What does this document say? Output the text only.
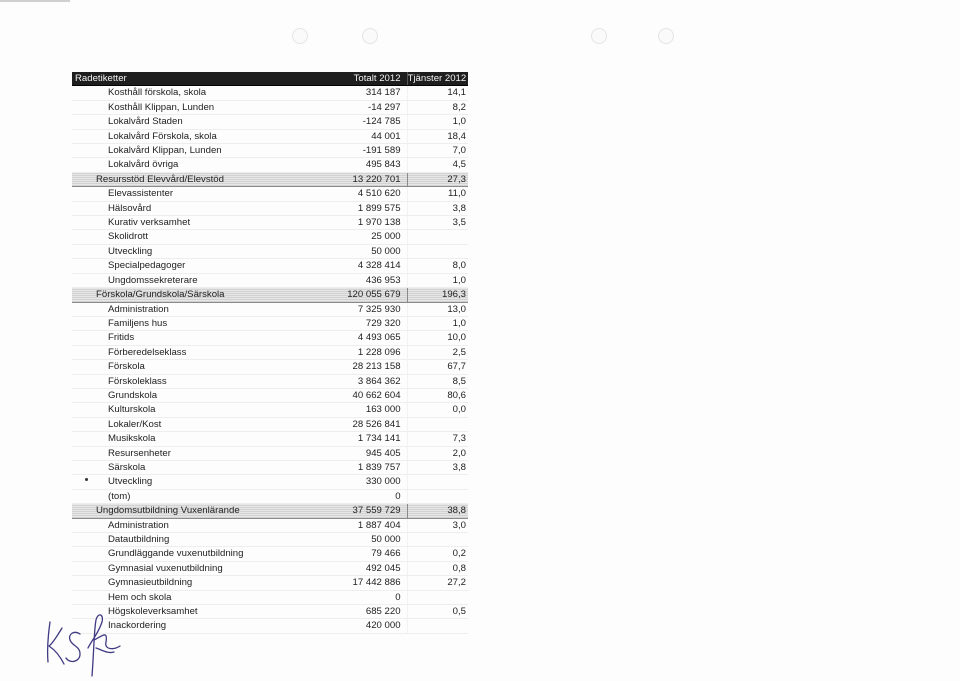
Radetiketter	Totalt 2012	Tjänster 2012
Kosthåll förskola, skola	314 187	14,1
Kosthåll Klippan, Lunden	-14 297	8,2
Lokalvård Staden	-124 785	1,0
Lokalvård Förskola, skola	44 001	18,4
Lokalvård Klippan, Lunden	-191 589	7,0
Lokalvård övriga	495 843	4,5
Resursstöd Elevvård/Elevstöd	13 220 701	27,3
Elevassistenter	4 510 620	11,0
Hälsovård	1 899 575	3,8
Kurativ verksamhet	1 970 138	3,5
Skolidrott	25 000	
Utveckling	50 000	
Specialpedagoger	4 328 414	8,0
Ungdomssekreterare	436 953	1,0
Förskola/Grundskola/Särskola	120 055 679	196,3
Administration	7 325 930	13,0
Familjens hus	729 320	1,0
Fritids	4 493 065	10,0
Förberedelseklass	1 228 096	2,5
Förskola	28 213 158	67,7
Förskoleklass	3 864 362	8,5
Grundskola	40 662 604	80,6
Kulturskola	163 000	0,0
Lokaler/Kost	28 526 841	
Musikskola	1 734 141	7,3
Resursenheter	945 405	2,0
Särskola	1 839 757	3,8
Utveckling	330 000	
(tom)	0	
Ungdomsutbildning Vuxenlärande	37 559 729	38,8
Administration	1 887 404	3,0
Datautbildning	50 000	
Grundläggande vuxenutbildning	79 466	0,2
Gymnasial vuxenutbildning	492 045	0,8
Gymnasieutbildning	17 442 886	27,2
Hem och skola	0	
Högskoleverksamhet	685 220	0,5
Inackordering	420 000	
